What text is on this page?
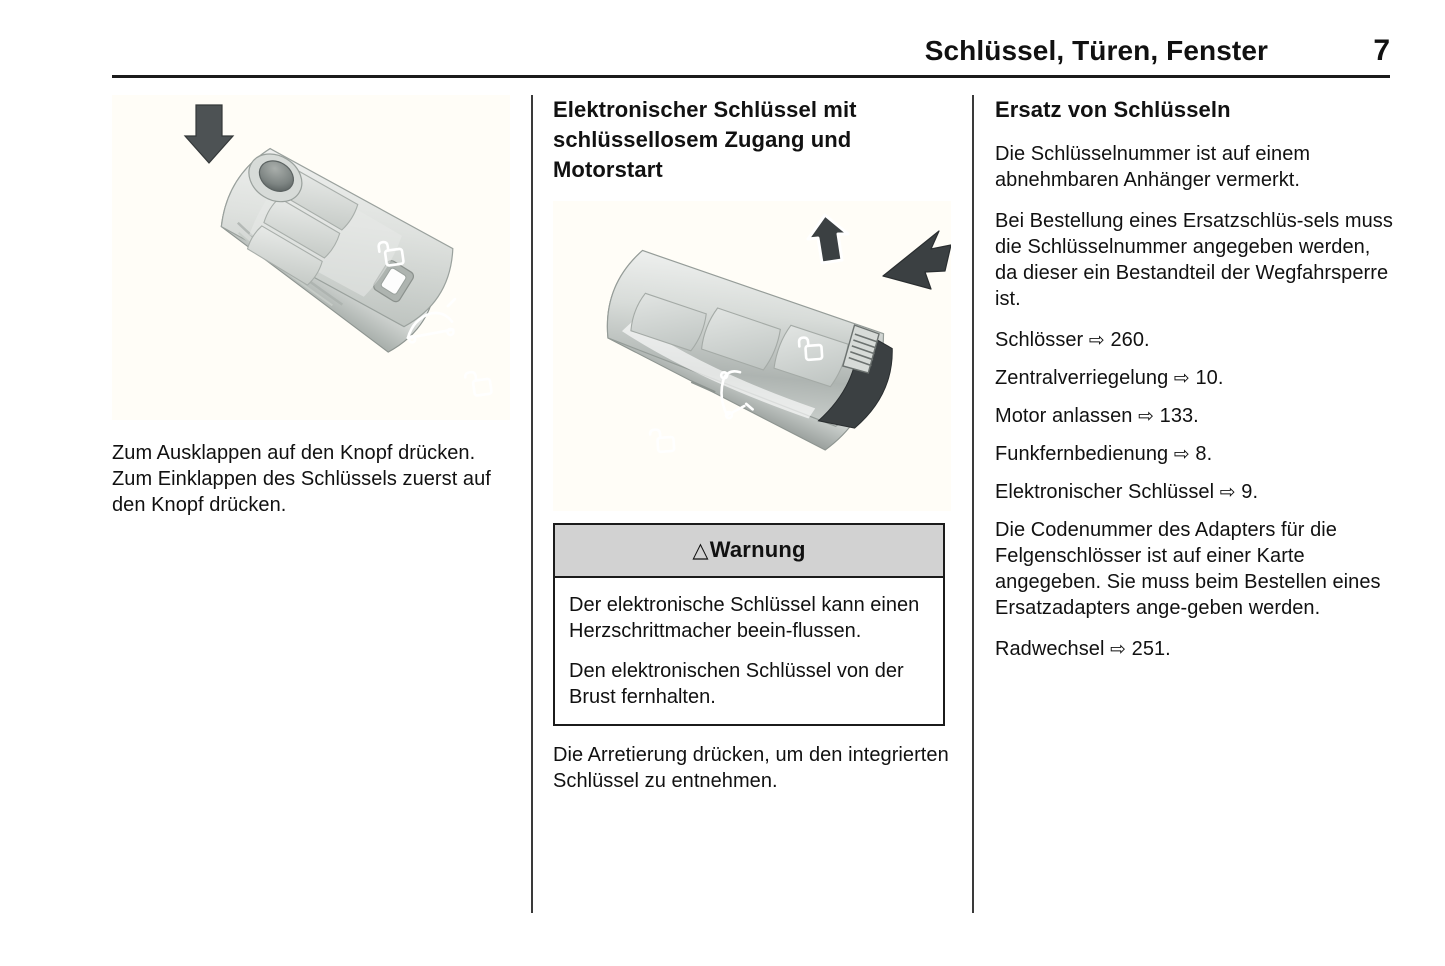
Schlüssel, Türen, Fenster	7

Zum Ausklappen auf den Knopf drücken. Zum Einklappen des Schlüssels zuerst auf den Knopf drücken.

Elektronischer Schlüssel mit schlüssellosem Zugang und Motorstart
△Warnung

Der elektronische Schlüssel kann einen Herzschrittmacher beein-flussen.

Den elektronischen Schlüssel von der Brust fernhalten.

Die Arretierung drücken, um den integrierten Schlüssel zu entnehmen.

Ersatz von Schlüsseln

Die Schlüsselnummer ist auf einem abnehmbaren Anhänger vermerkt.

Bei Bestellung eines Ersatzschlüs-sels muss die Schlüsselnummer angegeben werden, da dieser ein Bestandteil der Wegfahrsperre ist.

Schlösser ⇨ 260.

Zentralverriegelung ⇨ 10.

Motor anlassen ⇨ 133.

Funkfernbedienung ⇨ 8.

Elektronischer Schlüssel ⇨ 9.

Die Codenummer des Adapters für die Felgenschlösser ist auf einer Karte angegeben. Sie muss beim Bestellen eines Ersatzadapters ange-geben werden.

Radwechsel ⇨ 251.
